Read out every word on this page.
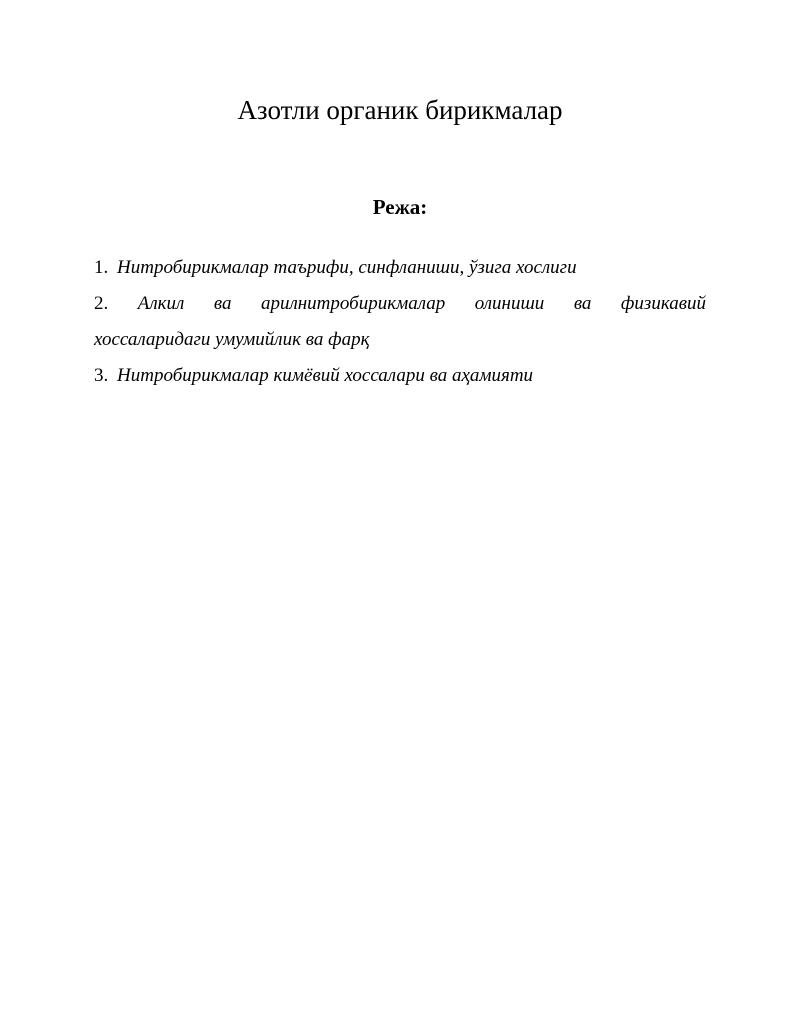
Азотли органик бирикмалар
Режа:
1. Нитробирикмалар таърифи, синфланиши, ўзига хослиги
2. Алкил ва арилнитробирикмалар олиниши ва физикавий
хоссаларидаги умумийлик ва фарқ
3. Нитробирикмалар кимёвий хоссалари ва аҳамияти
